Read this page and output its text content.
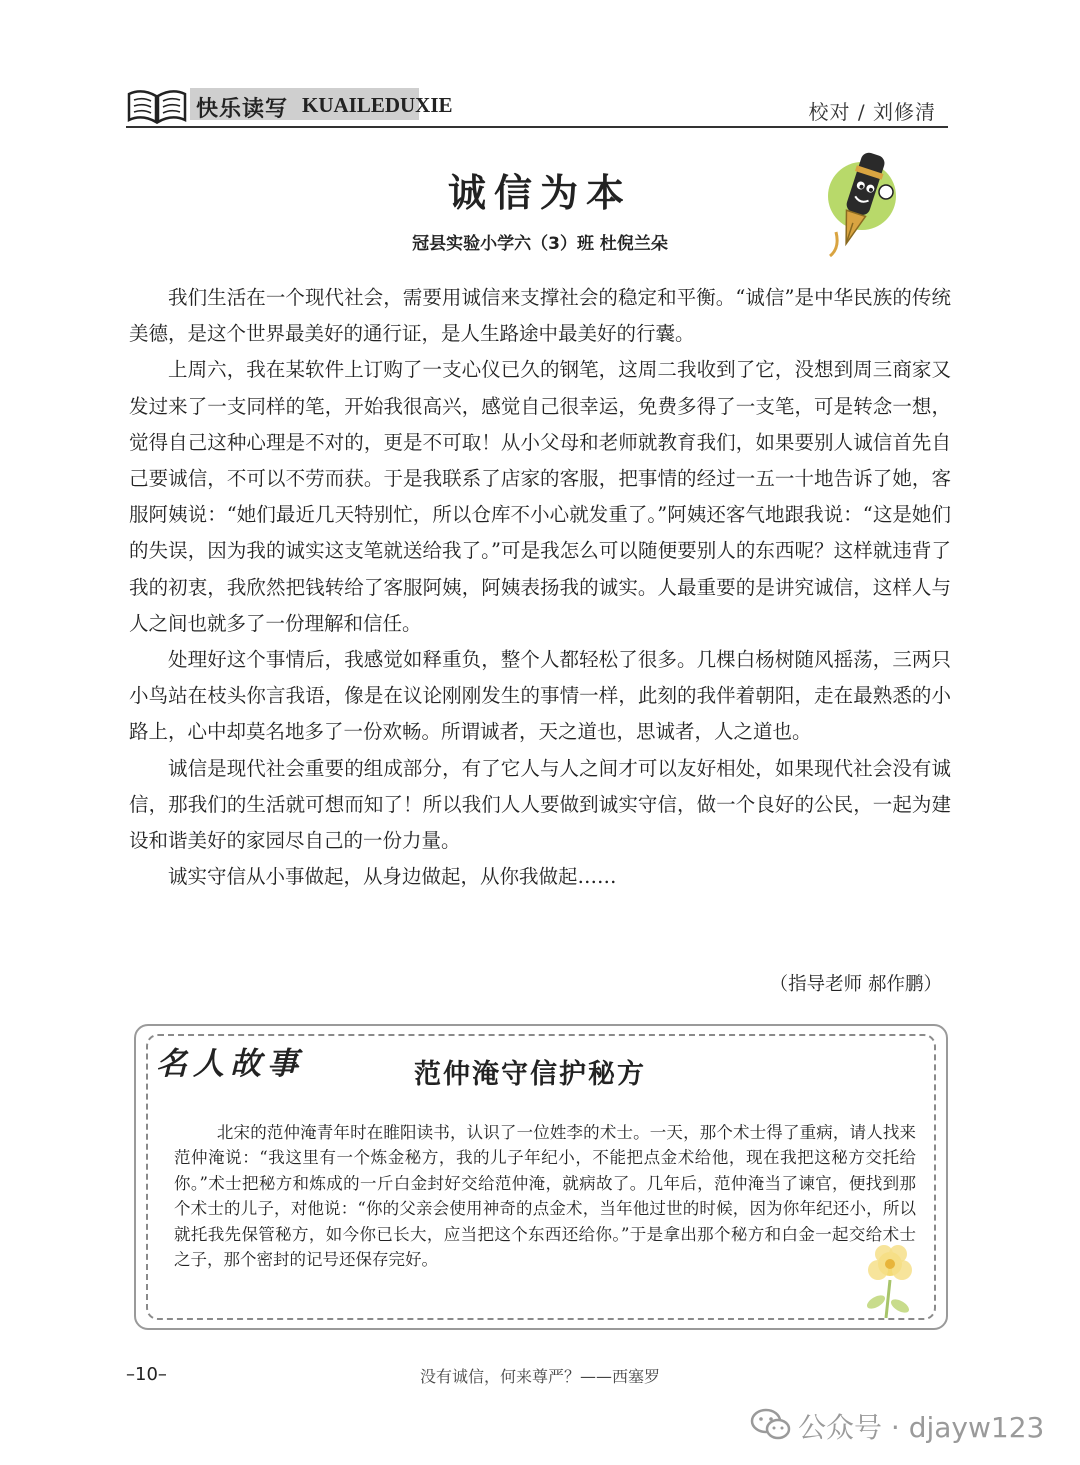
快乐读写 KUAILEDUXIE	校对 / 刘修清
诚信为本
冠县实验小学六（3）班 杜倪兰朵

我们生活在一个现代社会，需要用诚信来支撑社会的稳定和平衡。“诚信”是中华民族的传统美德，是这个世界最美好的通行证，是人生路途中最美好的行囊。

上周六，我在某软件上订购了一支心仪已久的钢笔，这周二我收到了它，没想到周三商家又发过来了一支同样的笔，开始我很高兴，感觉自己很幸运，免费多得了一支笔，可是转念一想，觉得自己这种心理是不对的，更是不可取！从小父母和老师就教育我们，如果要别人诚信首先自己要诚信，不可以不劳而获。于是我联系了店家的客服，把事情的经过一五一十地告诉了她，客服阿姨说：“她们最近几天特别忙，所以仓库不小心就发重了。”阿姨还客气地跟我说：“这是她们的失误，因为我的诚实这支笔就送给我了。”可是我怎么可以随便要别人的东西呢？这样就违背了我的初衷，我欣然把钱转给了客服阿姨，阿姨表扬我的诚实。人最重要的是讲究诚信，这样人与人之间也就多了一份理解和信任。

处理好这个事情后，我感觉如释重负，整个人都轻松了很多。几棵白杨树随风摇荡，三两只小鸟站在枝头你言我语，像是在议论刚刚发生的事情一样，此刻的我伴着朝阳，走在最熟悉的小路上，心中却莫名地多了一份欢畅。所谓诚者，天之道也，思诚者，人之道也。

诚信是现代社会重要的组成部分，有了它人与人之间才可以友好相处，如果现代社会没有诚信，那我们的生活就可想而知了！所以我们人人要做到诚实守信，做一个良好的公民，一起为建设和谐美好的家园尽自己的一份力量。

诚实守信从小事做起，从身边做起，从你我做起……

（指导老师 郝作鹏）
名人故事	范仲淹守信护秘方

北宋的范仲淹青年时在睢阳读书，认识了一位姓李的术士。一天，那个术士得了重病，请人找来范仲淹说：“我这里有一个炼金秘方，我的儿子年纪小，不能把点金术给他，现在我把这秘方交托给你。”术士把秘方和炼成的一斤白金封好交给范仲淹，就病故了。几年后，范仲淹当了谏官，便找到那个术士的儿子，对他说：“你的父亲会使用神奇的点金术，当年他过世的时候，因为你年纪还小，所以就托我先保管秘方，如今你已长大，应当把这个东西还给你。”于是拿出那个秘方和白金一起交给术士之子，那个密封的记号还保存完好。

–10–	没有诚信，何来尊严？——西塞罗
公众号 · djayw123
